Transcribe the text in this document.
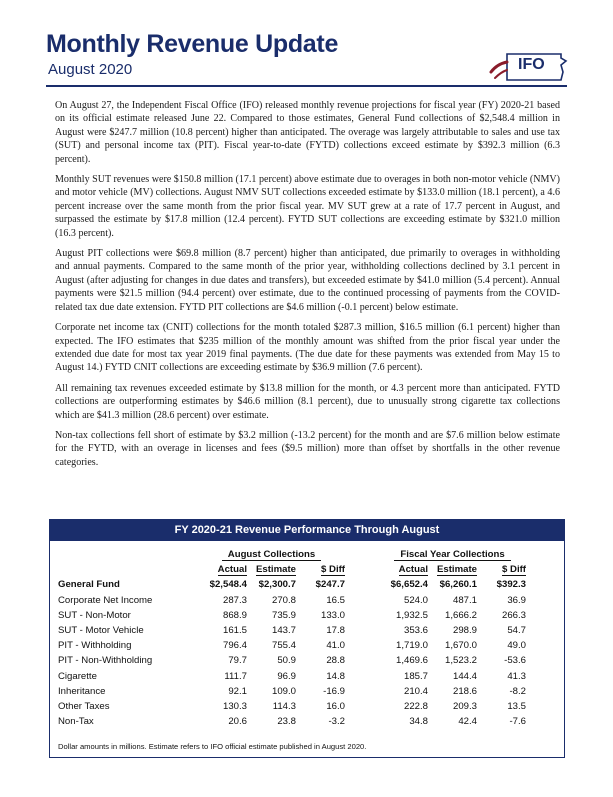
Monthly Revenue Update
August 2020	IFO

On August 27, the Independent Fiscal Office (IFO) released monthly revenue projections for fiscal year (FY) 2020-21 based on its official estimate released June 22. Compared to those estimates, General Fund collections of $2,548.4 million in August were $247.7 million (10.8 percent) higher than anticipated. The overage was largely attributable to sales and use tax (SUT) and personal income tax (PIT). Fiscal year-to-date (FYTD) collections exceed estimate by $392.3 million (6.3 percent).

Monthly SUT revenues were $150.8 million (17.1 percent) above estimate due to overages in both non-motor vehicle (NMV) and motor vehicle (MV) collections. August NMV SUT collections exceeded estimate by $133.0 million (18.1 percent), a 4.6 percent increase over the same month from the prior fiscal year. MV SUT grew at a rate of 17.7 percent in August, and surpassed the estimate by $17.8 million (12.4 percent). FYTD SUT collections are exceeding estimate by $321.0 million (16.3 percent).

August PIT collections were $69.8 million (8.7 percent) higher than anticipated, due primarily to overages in withholding and annual payments. Compared to the same month of the prior year, withholding collections declined by 3.1 percent in August (after adjusting for changes in due dates and transfers), but exceeded estimate by $41.0 million (5.4 percent). Annual payments were $21.5 million (94.4 percent) over estimate, due to the continued processing of payments from the COVID-related tax due date extension. FYTD PIT collections are $4.6 million (-0.1 percent) below estimate.

Corporate net income tax (CNIT) collections for the month totaled $287.3 million, $16.5 million (6.1 percent) higher than expected. The IFO estimates that $235 million of the monthly amount was shifted from the prior fiscal year under the extended due date for most tax year 2019 final payments. (The due date for these payments was extended from May 15 to August 14.) FYTD CNIT collections are exceeding estimate by $36.9 million (7.6 percent).

All remaining tax revenues exceeded estimate by $13.8 million for the month, or 4.3 percent more than anticipated. FYTD collections are outperforming estimates by $46.6 million (8.1 percent), due to unusually strong cigarette tax collections which are $41.3 million (28.6 percent) over estimate.

Non-tax collections fell short of estimate by $3.2 million (-13.2 percent) for the month and are $7.6 million below estimate for the FYTD, with an overage in licenses and fees ($9.5 million) more than offset by shortfalls in the other revenue categories.

FY 2020-21 Revenue Performance Through August
	August Collections				Fiscal Year Collections		
	Actual	Estimate	$ Diff		Actual	Estimate	$ Diff
General Fund	$2,548.4	$2,300.7	$247.7		$6,652.4	$6,260.1	$392.3
Corporate Net Income	287.3	270.8	16.5		524.0	487.1	36.9
SUT - Non-Motor	868.9	735.9	133.0		1,932.5	1,666.2	266.3
SUT - Motor Vehicle	161.5	143.7	17.8		353.6	298.9	54.7
PIT - Withholding	796.4	755.4	41.0		1,719.0	1,670.0	49.0
PIT - Non-Withholding	79.7	50.9	28.8		1,469.6	1,523.2	-53.6
Cigarette	111.7	96.9	14.8		185.7	144.4	41.3
Inheritance	92.1	109.0	-16.9		210.4	218.6	-8.2
Other Taxes	130.3	114.3	16.0		222.8	209.3	13.5
Non-Tax	20.6	23.8	-3.2		34.8	42.4	-7.6
Dollar amounts in millions. Estimate refers to IFO official estimate published in August 2020.
